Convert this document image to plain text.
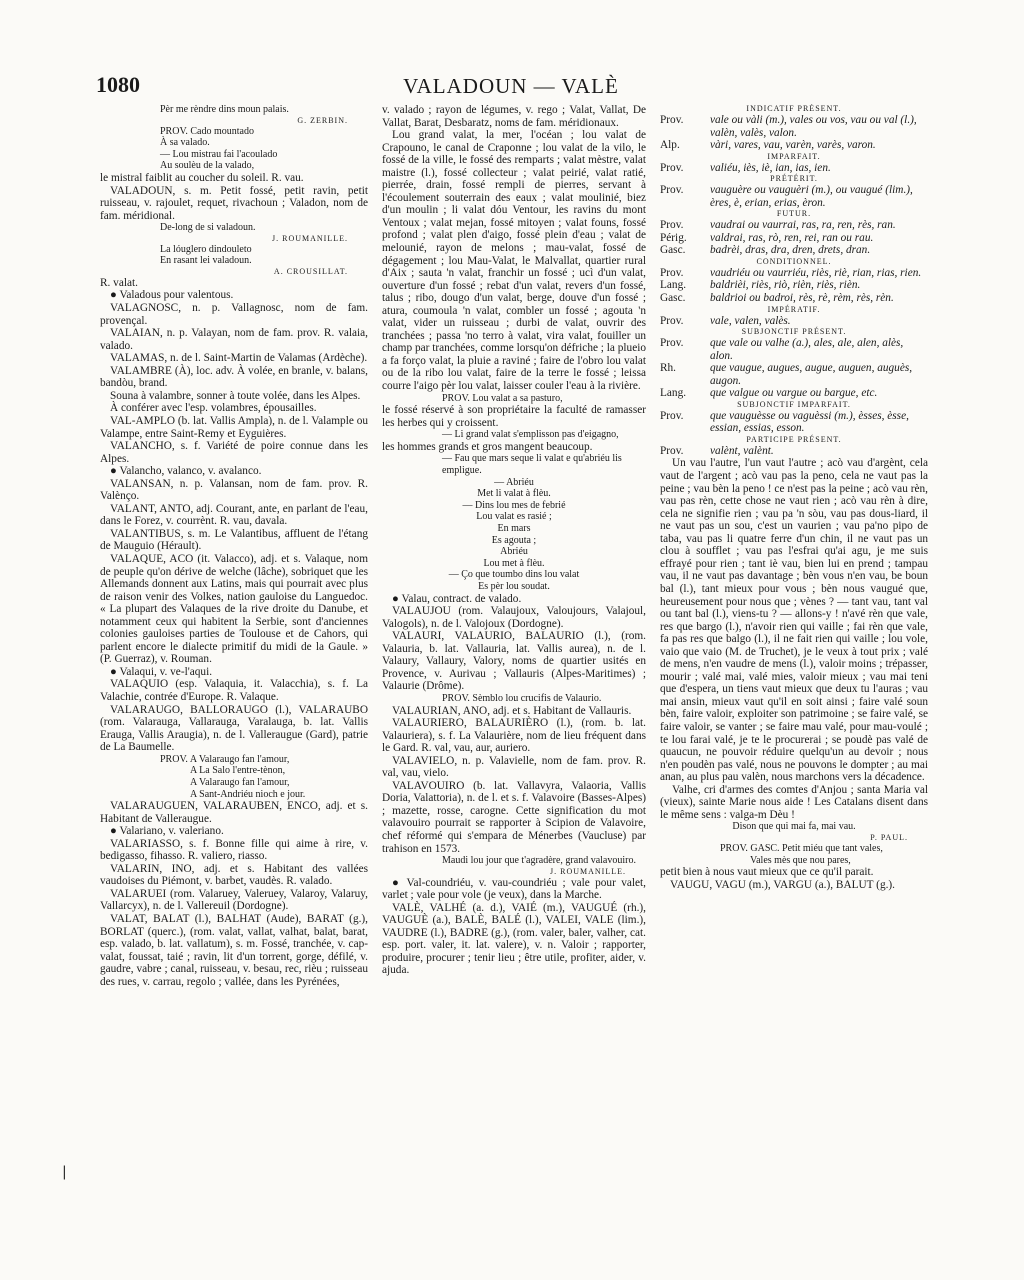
1080	VALADOUN — VALÈ

Pèr me rèndre dins moun palais.

G. ZERBIN.

PROV. Cado mountado

À sa valado.

— Lou mistrau fai l'acoulado

Au soulèu de la valado,

le mistral faiblit au coucher du soleil. R. vau.

VALADOUN, s. m. Petit fossé, petit ravin, petit ruisseau, v. rajoulet, requet, rivachoun ; Valadon, nom de fam. méridional.

De-long de si valadoun.

J. ROUMANILLE.

La lóuglero dindouleto

En rasant lei valadoun.

A. CROUSILLAT.

R. valat.

● Valadous pour valentous.

VALAGNOSC, n. p. Vallagnosc, nom de fam. provençal.

VALAIAN, n. p. Valayan, nom de fam. prov. R. valaia, valado.

VALAMAS, n. de l. Saint-Martin de Valamas (Ardèche).

VALAMBRE (À), loc. adv. À volée, en branle, v. balans, bandòu, brand.

Souna à valambre, sonner à toute volée, dans les Alpes.

À conférer avec l'esp. volambres, épousailles.

VAL-AMPLO (b. lat. Vallis Ampla), n. de l. Valample ou Valampe, entre Saint-Remy et Eyguières.

VALANCHO, s. f. Variété de poire connue dans les Alpes.

● Valancho, valanco, v. avalanco.

VALANSAN, n. p. Valansan, nom de fam. prov. R. Valènço.

VALANT, ANTO, adj. Courant, ante, en parlant de l'eau, dans le Forez, v. courrènt. R. vau, davala.

VALANTIBUS, s. m. Le Valantibus, affluent de l'étang de Mauguio (Hérault).

VALAQUE, ACO (it. Valacco), adj. et s. Valaque, nom de peuple qu'on dérive de welche (lâche), sobriquet que les Allemands donnent aux Latins, mais qui pourrait avec plus de raison venir des Volkes, nation gauloise du Languedoc. « La plupart des Valaques de la rive droite du Danube, et notamment ceux qui habitent la Serbie, sont d'anciennes colonies gauloises parties de Toulouse et de Cahors, qui parlent encore le dialecte primitif du midi de la Gaule. » (P. Guerraz), v. Rouman.

● Valaqui, v. ve-l'aqui.

VALAQUIO (esp. Valaquia, it. Valacchia), s. f. La Valachie, contrée d'Europe. R. Valaque.

VALARAUGO, BALLORAUGO (l.), VALARAUBO (rom. Valarauga, Vallarauga, Varalauga, b. lat. Vallis Erauga, Vallis Araugia), n. de l. Valleraugue (Gard), patrie de La Baumelle.

PROV. A Valaraugo fan l'amour,

A La Salo l'entre-tènon,

A Valaraugo fan l'amour,

A Sant-Andriéu nioch e jour.

VALARAUGUEN, VALARAUBEN, ENCO, adj. et s. Habitant de Valleraugue.

● Valariano, v. valeriano.

VALARIASSO, s. f. Bonne fille qui aime à rire, v. bedigasso, fihasso. R. valiero, riasso.

VALARIN, INO, adj. et s. Habitant des vallées vaudoises du Piémont, v. barbet, vaudès. R. valado.

VALARUEI (rom. Valaruey, Valeruey, Valaroy, Valaruy, Vallarcyx), n. de l. Vallereuil (Dordogne).

VALAT, BALAT (l.), BALHAT (Aude), BARAT (g.), BORLAT (querc.), (rom. valat, vallat, valhat, balat, barat, esp. valado, b. lat. vallatum), s. m. Fossé, tranchée, v. cap-valat, foussat, taié ; ravin, lit d'un torrent, gorge, défilé, v. gaudre, vabre ; canal, ruisseau, v. besau, rec, rièu ; ruisseau des rues, v. carrau, regolo ; vallée, dans les Pyrénées,

v. valado ; rayon de légumes, v. rego ; Valat, Vallat, De Vallat, Barat, Desbaratz, noms de fam. méridionaux.

Lou grand valat, la mer, l'océan ; lou valat de Crapouno, le canal de Craponne ; lou valat de la vilo, le fossé de la ville, le fossé des remparts ; valat mèstre, valat maistre (l.), fossé collecteur ; valat peirié, valat ratié, pierrée, drain, fossé rempli de pierres, servant à l'écoulement souterrain des eaux ; valat moulinié, biez d'un moulin ; li valat dóu Ventour, les ravins du mont Ventoux ; valat mejan, fossé mitoyen ; valat founs, fossé profond ; valat plen d'aigo, fossé plein d'eau ; valat de melounié, rayon de melons ; mau-valat, fossé de dégagement ; lou Mau-Valat, le Malvallat, quartier rural d'Aix ; sauta 'n valat, franchir un fossé ; ucì d'un valat, ouverture d'un fossé ; rebat d'un valat, revers d'un fossé, talus ; ribo, dougo d'un valat, berge, douve d'un fossé ; atura, coumoula 'n valat, combler un fossé ; agouta 'n valat, vider un ruisseau ; durbi de valat, ouvrir des tranchées ; passa 'no terro à valat, vira valat, fouiller un champ par tranchées, comme lorsqu'on défriche ; la plueio a fa forço valat, la pluie a raviné ; faire de l'obro lou valat ou de la ribo lou valat, faire de la terre le fossé ; leissa courre l'aigo pèr lou valat, laisser couler l'eau à la rivière.

PROV. Lou valat a sa pasturo,

le fossé réservé à son propriétaire la faculté de ramasser les herbes qui y croissent.

— Li grand valat s'emplisson pas d'eigagno,

les hommes grands et gros mangent beaucoup.

— Fau que mars seque li valat e qu'abriéu lis empligue.

— Abriéu

Met li valat à flèu.

— Dins lou mes de febrié

Lou valat es rasié ;

En mars

Es agouta ;

Abriéu

Lou met à flèu.

— Ço que toumbo dins lou valat

Es pèr lou soudat.

● Valau, contract. de valado.

VALAUJOU (rom. Valaujoux, Valoujours, Valajoul, Valogols), n. de l. Valojoux (Dordogne).

VALAURI, VALAURIO, BALAURIO (l.), (rom. Valauria, b. lat. Vallauria, lat. Vallis aurea), n. de l. Valaury, Vallaury, Valory, noms de quartier usités en Provence, v. Aurivau ; Vallauris (Alpes-Maritimes) ; Valaurie (Drôme).

PROV. Sèmblo lou crucifis de Valaurio.

VALAURIAN, ANO, adj. et s. Habitant de Vallauris.

VALAURIERO, BALAURIÈRO (l.), (rom. b. lat. Valauriera), s. f. La Valaurière, nom de lieu fréquent dans le Gard. R. val, vau, aur, auriero.

VALAVIELO, n. p. Valavielle, nom de fam. prov. R. val, vau, vielo.

VALAVOUIRO (b. lat. Vallavyra, Valaoria, Vallis Doria, Valattoria), n. de l. et s. f. Valavoire (Basses-Alpes) ; mazette, rosse, carogne. Cette signification du mot valavouiro pourrait se rapporter à Scipion de Valavoire, chef réformé qui s'empara de Ménerbes (Vaucluse) par trahison en 1573.

Maudi lou jour que t'agradère, grand valavouiro.

J. ROUMANILLE.

● Val-coundriéu, v. vau-coundriéu ; vale pour valet, varlet ; vale pour vole (je veux), dans la Marche.

VALÈ, VALHÉ (a. d.), VAIÉ (m.), VAUGUÉ (rh.), VAUGUÈ (a.), BALÈ, BALÉ (l.), VALEI, VALE (lim.), VAUDRE (l.), BADRE (g.), (rom. valer, baler, valher, cat. esp. port. valer, it. lat. valere), v. n. Valoir ; rapporter, produire, procurer ; tenir lieu ; être utile, profiter, aider, v. ajuda.

INDICATIF PRÉSENT.

Prov.	vale ou vàli (m.), vales ou vos, vau ou val (l.), valèn, valès, valon.

Alp.	vàri, vares, vau, varèn, varès, varon.

IMPARFAIT.

Prov.	valiéu, iès, iè, ian, ias, ien.

PRÉTÉRIT.

Prov.	vauguère ou vauguèri (m.), ou vaugué (lim.), ères, è, erian, erias, èron.

FUTUR.

Prov.	vaudrai ou vaurrai, ras, ra, ren, rès, ran.

Périg.	valdrai, ras, rò, ren, rei, ran ou rau.

Gasc.	badrèi, dras, dra, dren, drets, dran.

CONDITIONNEL.

Prov.	vaudriéu ou vaurriéu, riès, riè, rian, rias, rien.

Lang.	baldrièi, riès, riò, rièn, riès, rièn.

Gasc.	baldrioi ou badroi, rès, rè, rèm, rès, rèn.

IMPÉRATIF.

Prov.	vale, valen, valès.

SUBJONCTIF PRÉSENT.

Prov.	que vale ou valhe (a.), ales, ale, alen, alès, alon.

Rh.	que vaugue, augues, augue, auguen, auguès, augon.

Lang.	que valgue ou vargue ou bargue, etc.

SUBJONCTIF IMPARFAIT.

Prov.	que vauguèsse ou vaguèssi (m.), èsses, èsse, essian, essias, esson.

PARTICIPE PRÉSENT.

Prov.	valènt, valènt.

Un vau l'autre, l'un vaut l'autre ; acò vau d'argènt, cela vaut de l'argent ; acò vau pas la peno, cela ne vaut pas la peine ; vau bèn la peno ! ce n'est pas la peine ; acò vau rèn, vau pas rèn, cette chose ne vaut rien ; acò vau rèn à dire, cela ne signifie rien ; vau pa 'n sòu, vau pas dous-liard, il ne vaut pas un sou, c'est un vaurien ; vau pa'no pipo de taba, vau pas li quatre ferre d'un chin, il ne vaut pas un clou à soufflet ; vau pas l'esfrai qu'ai agu, je me suis effrayé pour rien ; tant iè vau, bien lui en prend ; tampau vau, il ne vaut pas davantage ; bèn vous n'en vau, be boun bal (l.), tant mieux pour vous ; bèn nous vaugué que, heureusement pour nous que ; vènes ? — tant vau, tant val ou tant bal (l.), viens-tu ? — allons-y ! n'avé rèn que vale, res que bargo (l.), n'avoir rien qui vaille ; fai rèn que vale, fa pas res que balgo (l.), il ne fait rien qui vaille ; lou vole, vaio que vaio (M. de Truchet), je le veux à tout prix ; valé de mens, n'en vaudre de mens (l.), valoir moins ; trépasser, mourir ; valé mai, valé mies, valoir mieux ; vau mai teni que d'espera, un tiens vaut mieux que deux tu l'auras ; vau mai ansin, mieux vaut qu'il en soit ainsi ; faire valé soun bèn, faire valoir, exploiter son patrimoine ; se faire valé, se faire valoir, se vanter ; se faire mau valé, pour mau-voulé ; te lou farai valé, je te le procurerai ; se poudè pas valé de quaucun, ne pouvoir réduire quelqu'un au devoir ; nous n'en poudèn pas valé, nous ne pouvons le dompter ; au mai anan, au plus pau valèn, nous marchons vers la décadence.

Valhe, cri d'armes des comtes d'Anjou ; santa Maria val (vieux), sainte Marie nous aide ! Les Catalans disent dans le même sens : valga-m Dèu !

Dison que qui mai fa, mai vau.

P. PAUL.

PROV. GASC. Petit miéu que tant vales,

Vales mès que nou pares,

petit bien à nous vaut mieux que ce qu'il parait.

VAUGU, VAGU (m.), VARGU (a.), BALUT (g.).

|
